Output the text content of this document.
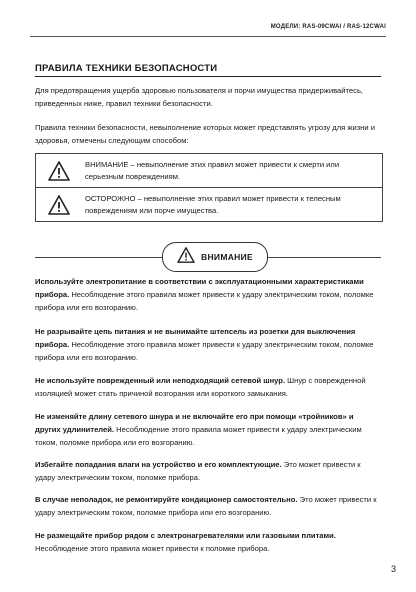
МОДЕЛИ: RAS-09CWAI / RAS-12CWAI
ПРАВИЛА ТЕХНИКИ БЕЗОПАСНОСТИ
Для предотвращения ущерба здоровью пользователя и порчи имущества придерживайтесь, приведенных ниже, правил техники безопасности.
Правила техники безопасности, невыполнение которых может представлять угрозу для жизни и здоровья, отмечены следующим способом:
ВНИМАНИЕ – невыполнение этих правил может привести к смерти или серьезным повреждениям.
ОСТОРОЖНО – невыполнение этих правил может привести к телесным повреждениям или порче имущества.
ВНИМАНИЕ
Используйте электропитание в соответствии с эксплуатационными характеристиками прибора. Несоблюдение этого правила может привести к удару электрическим током, поломке прибора или его возгоранию.
Не разрывайте цепь питания и не вынимайте штепсель из розетки для выключения прибора. Несоблюдение этого правила может привести к удару электрическим током, поломке прибора или его возгоранию.
Не используйте поврежденный или неподходящий сетевой шнур. Шнур с поврежденной изоляцией может стать причиной возгорания или короткого замыкания.
Не изменяйте длину сетевого шнура и не включайте его при помощи «тройников» и других удлинителей. Несоблюдение этого правила может привести к удару электрическим током, поломке прибора или его возгоранию.
Избегайте попадания влаги на устройство и его комплектующие. Это может привести к удару электрическим током, поломке прибора.
В случае неполадок, не ремонтируйте кондиционер самостоятельно. Это может привести к удару электрическим током, поломке прибора или его возгоранию.
Не размещайте прибор рядом с электронагревателями или газовыми плитами. Несоблюдение этого правила может привести к поломке прибора.
3
